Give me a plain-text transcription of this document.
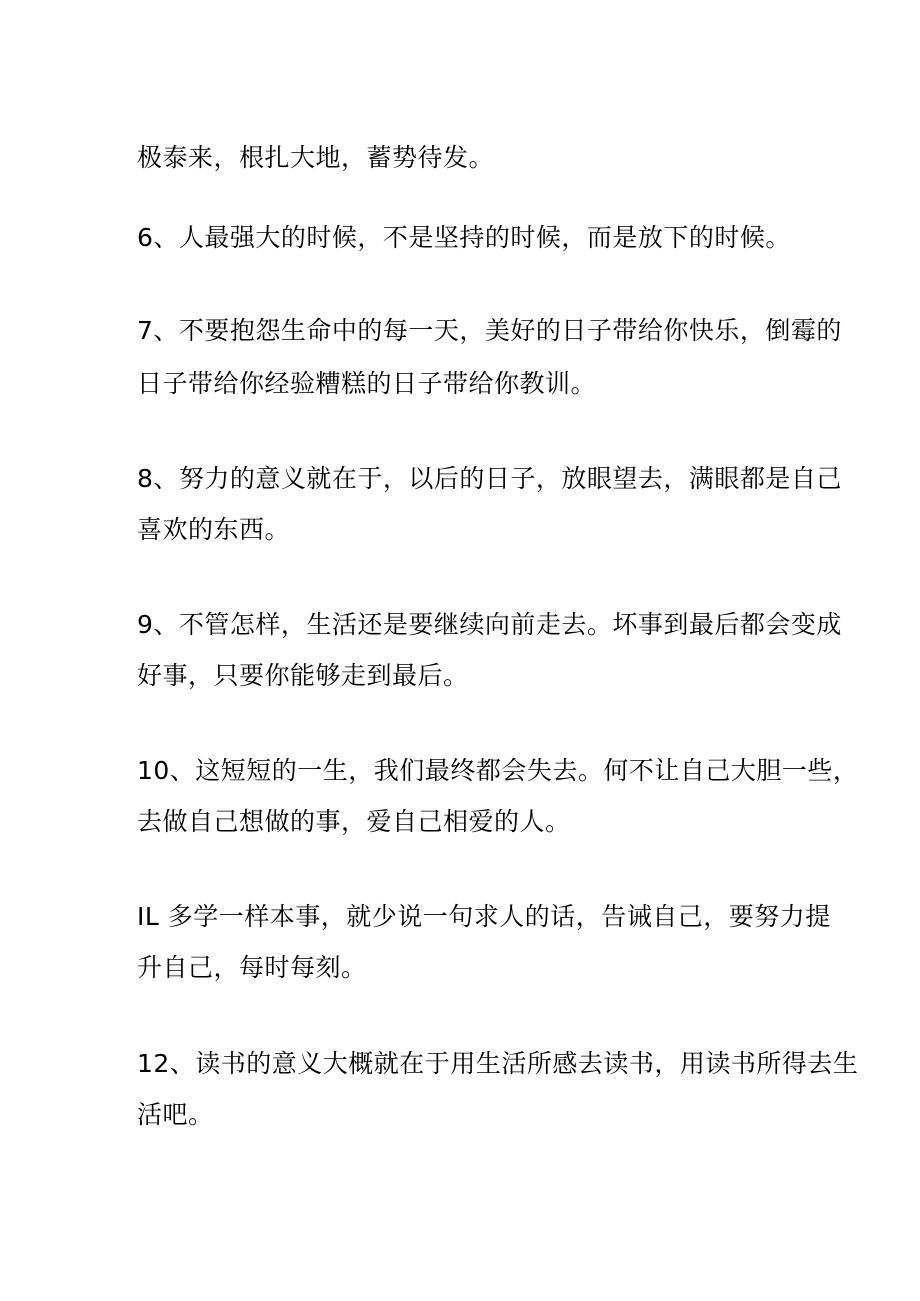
极泰来，根扎大地，蓄势待发。
6、人最强大的时候，不是坚持的时候，而是放下的时候。
7、不要抱怨生命中的每一天，美好的日子带给你快乐，倒霉的
日子带给你经验糟糕的日子带给你教训。
8、努力的意义就在于，以后的日子，放眼望去，满眼都是自己
喜欢的东西。
9、不管怎样，生活还是要继续向前走去。坏事到最后都会变成
好事，只要你能够走到最后。
10、这短短的一生，我们最终都会失去。何不让自己大胆一些，
去做自己想做的事，爱自己相爱的人。
IL 多学一样本事，就少说一句求人的话，告诫自己，要努力提
升自己，每时每刻。
12、读书的意义大概就在于用生活所感去读书，用读书所得去生
活吧。
